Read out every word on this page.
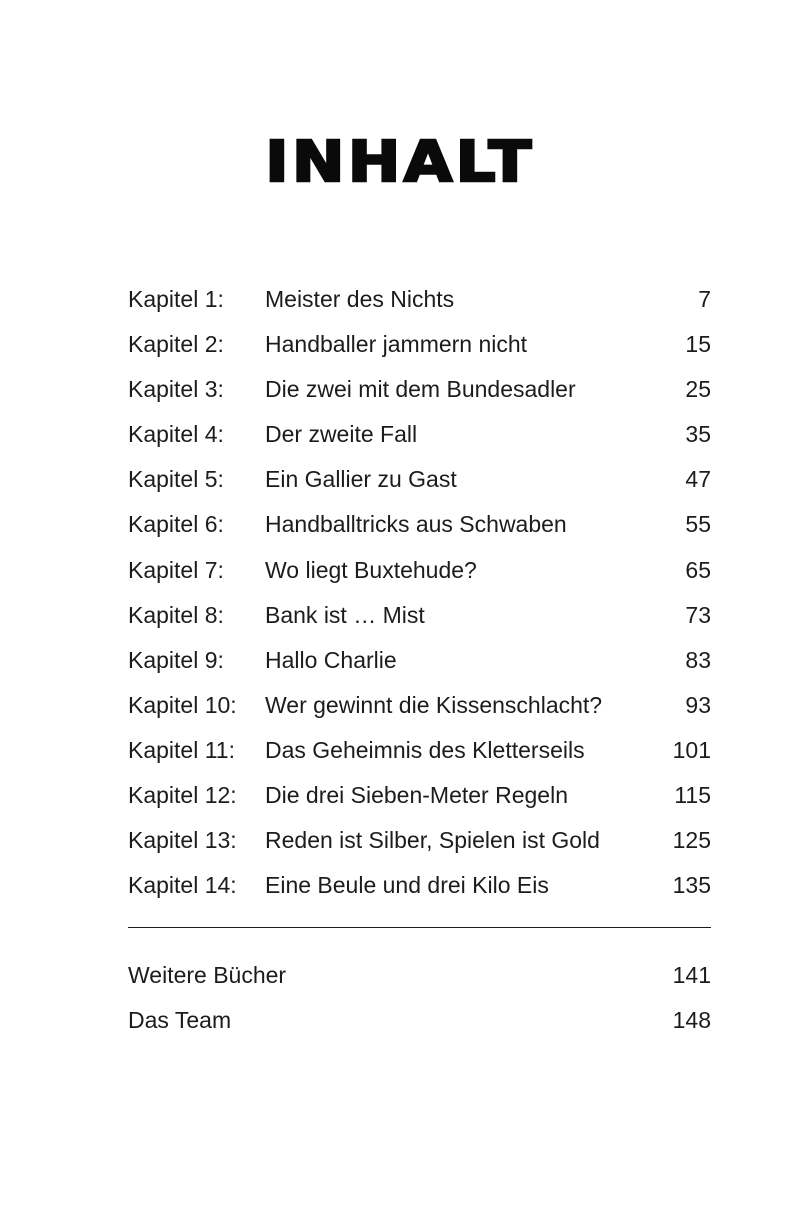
INHALT
Kapitel 1: Meister des Nichts	7
Kapitel 2: Handballer jammern nicht	15
Kapitel 3: Die zwei mit dem Bundesadler	25
Kapitel 4: Der zweite Fall	35
Kapitel 5: Ein Gallier zu Gast	47
Kapitel 6: Handballtricks aus Schwaben	55
Kapitel 7: Wo liegt Buxtehude?	65
Kapitel 8: Bank ist … Mist	73
Kapitel 9: Hallo Charlie	83
Kapitel 10: Wer gewinnt die Kissenschlacht?	93
Kapitel 11: Das Geheimnis des Kletterseils	101
Kapitel 12: Die drei Sieben-Meter Regeln	115
Kapitel 13: Reden ist Silber, Spielen ist Gold	125
Kapitel 14: Eine Beule und drei Kilo Eis	135
Weitere Bücher	141
Das Team	148
